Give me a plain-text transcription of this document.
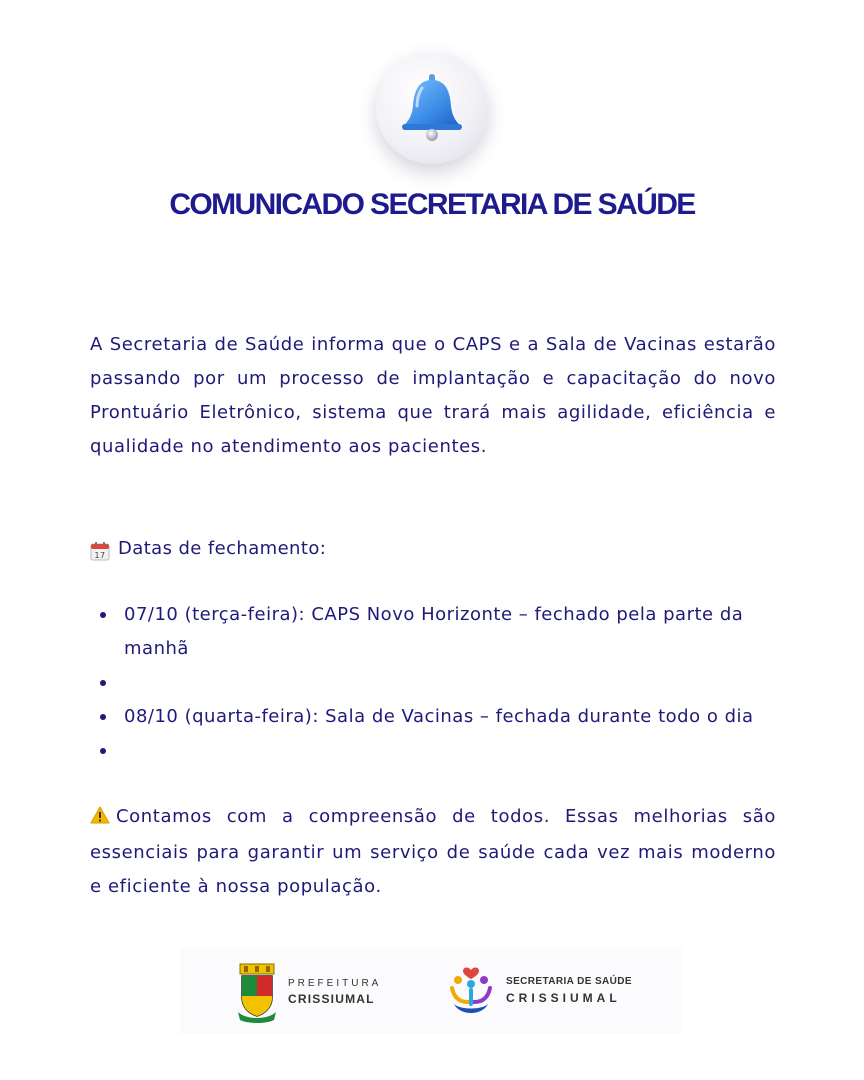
COMUNICADO SECRETARIA DE SAÚDE

A Secretaria de Saúde informa que o CAPS e a Sala de Vacinas estarão passando por um processo de implantação e capacitação do novo Prontuário Eletrônico, sistema que trará mais agilidade, eficiência e qualidade no atendimento aos pacientes.

17 Datas de fechamento:
07/10 (terça-feira): CAPS Novo Horizonte – fechado pela parte da manhã
08/10 (quarta-feira): Sala de Vacinas – fechada durante todo o dia

Contamos com a compreensão de todos. Essas melhorias são essenciais para garantir um serviço de saúde cada vez mais moderno e eficiente à nossa população.

PREFEITURA
CRISSIUMAL
SECRETARIA DE SAÚDE
CRISSIUMAL
